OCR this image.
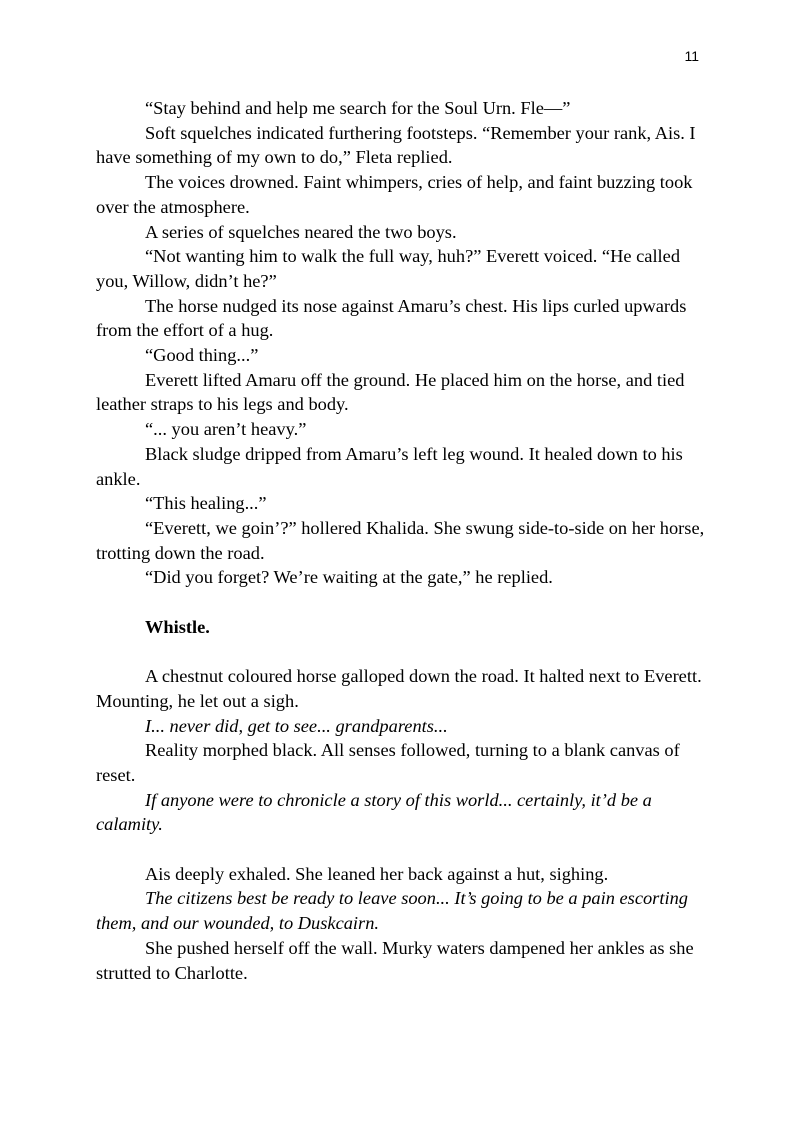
11

“Stay behind and help me search for the Soul Urn. Fle—”

Soft squelches indicated furthering footsteps. “Remember your rank, Ais. I have something of my own to do,” Fleta replied.

The voices drowned. Faint whimpers, cries of help, and faint buzzing took over the atmosphere.

A series of squelches neared the two boys.

“Not wanting him to walk the full way, huh?” Everett voiced. “He called you, Willow, didn’t he?”

The horse nudged its nose against Amaru’s chest. His lips curled upwards from the effort of a hug.

“Good thing...”

Everett lifted Amaru off the ground. He placed him on the horse, and tied leather straps to his legs and body.

“... you aren’t heavy.”

Black sludge dripped from Amaru’s left leg wound. It healed down to his ankle.

“This healing...”

“Everett, we goin’?” hollered Khalida. She swung side-to-side on her horse, trotting down the road.

“Did you forget? We’re waiting at the gate,” he replied.

Whistle.

A chestnut coloured horse galloped down the road. It halted next to Everett. Mounting, he let out a sigh.

I... never did, get to see... grandparents...

Reality morphed black. All senses followed, turning to a blank canvas of reset.

If anyone were to chronicle a story of this world... certainly, it’d be a calamity.

Ais deeply exhaled. She leaned her back against a hut, sighing.

The citizens best be ready to leave soon... It’s going to be a pain escorting them, and our wounded, to Duskcairn.

She pushed herself off the wall. Murky waters dampened her ankles as she strutted to Charlotte.
